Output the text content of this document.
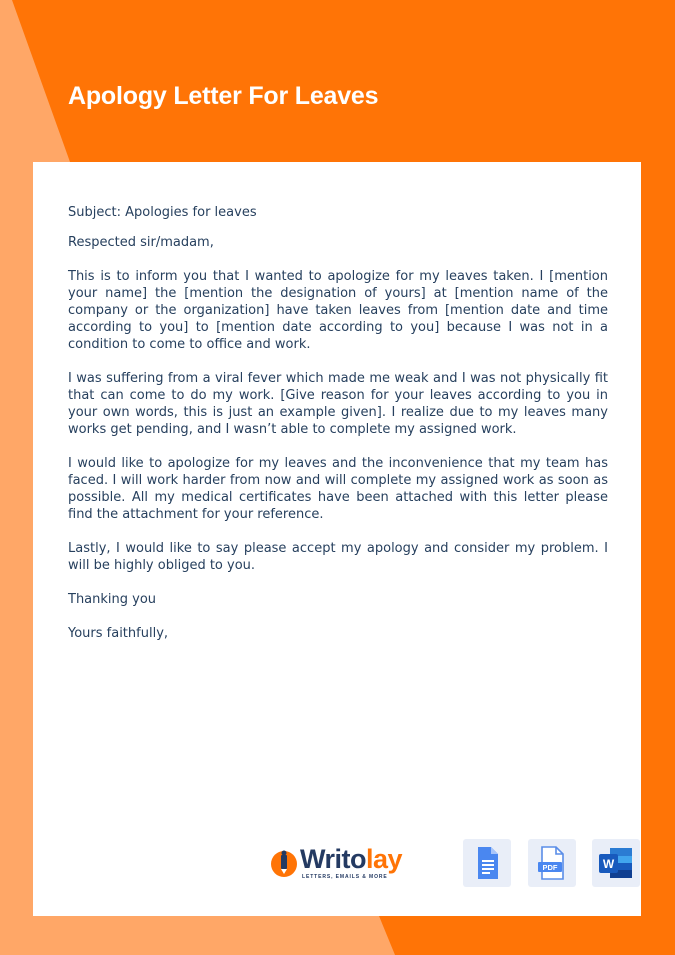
Apology Letter For Leaves

Subject: Apologies for leaves

Respected sir/madam,

This is to inform you that I wanted to apologize for my leaves taken. I [mention your name] the [mention the designation of yours] at [mention name of the company or the organization] have taken leaves from [mention date and time according to you] to [mention date according to you] because I was not in a condition to come to office and work.

I was suffering from a viral fever which made me weak and I was not physically fit that can come to do my work. [Give reason for your leaves according to you in your own words, this is just an example given]. I realize due to my leaves many works get pending, and I wasn’t able to complete my assigned work.

I would like to apologize for my leaves and the inconvenience that my team has faced. I will work harder from now and will complete my assigned work as soon as possible. All my medical certificates have been attached with this letter please find the attachment for your reference.

Lastly, I would like to say please accept my apology and consider my problem. I will be highly obliged to you.

Thanking you

Yours faithfully,

Writolay
LETTERS, EMAILS & MORE
PDF	W
